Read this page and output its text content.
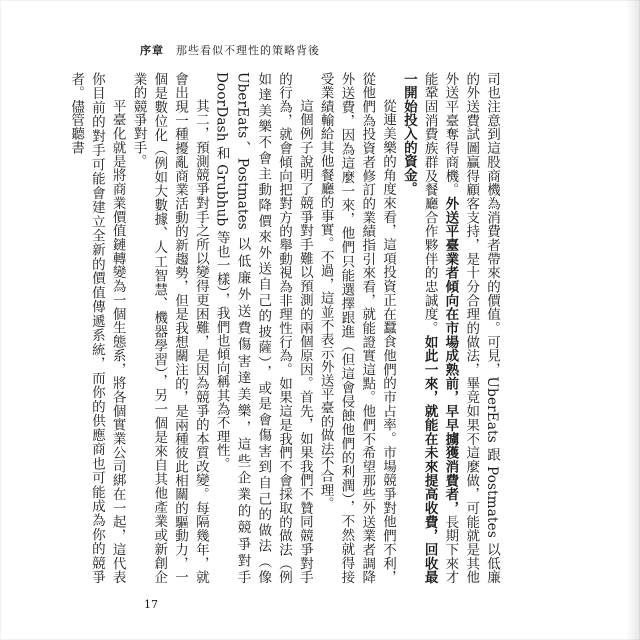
序章 那些看似不理性的策略背後

司也注意到這股商機為消費者帶來的價值。可見，UberEats 跟 Postmates 以低廉的外送費試圖贏得顧客支持，是十分合理的做法，畢竟如果不這麼做，可能就是其他外送平臺奪得商機。外送平臺業者傾向在市場成熟前，早早擄獲消費者，長期下來才能鞏固消費族群及餐廳合作夥伴的忠誠度。如此一來，就能在未來提高收費，回收最一開始投入的資金。

從連美樂的角度來看，這項投資正在蠶食他們的市占率。市場競爭對他們不利，從他們為投資者修訂的業績指引來看，就能證實這點。他們不希望那些外送業者調降外送費，因為這麼一來，他們只能選擇跟進（但這會侵蝕他們的利潤），不然就得接受業績輸給其他餐廳的事實。不過，這並不表示外送平臺的做法不合理。

這個例子說明了競爭對手難以預測的兩個原因。首先，如果我們不贊同競爭對手的行為，就會傾向把對方的舉動視為非理性行為。如果這是我們不會採取的做法（例如達美樂不會主動降價來外送自己的披薩），或是會傷害到自己的做法（像 UberEats、Postmates 以低廉外送費傷害達美樂，這些企業的競爭對手 DoorDash 和 Grubhub 等也一樣），我們也傾向稱其為不理性。

其二，預測競爭對手之所以變得更困難，是因為競爭的本質改變。每隔幾年，就會出現一種擾亂商業活動的新趨勢，但是我想關注的，是兩種彼此相關的驅動力，一個是數位化（例如大數據、人工智慧、機器學習），另一個是來自其他產業或新創企業的競爭對手。

平臺化就是將商業價值鏈轉變為一個生態系，將各個實業公司綁在一起，這代表你目前的對手可能會建立全新的價值傳遞系統，而你的供應商也可能成為你的競爭者。儘管聽書

17
